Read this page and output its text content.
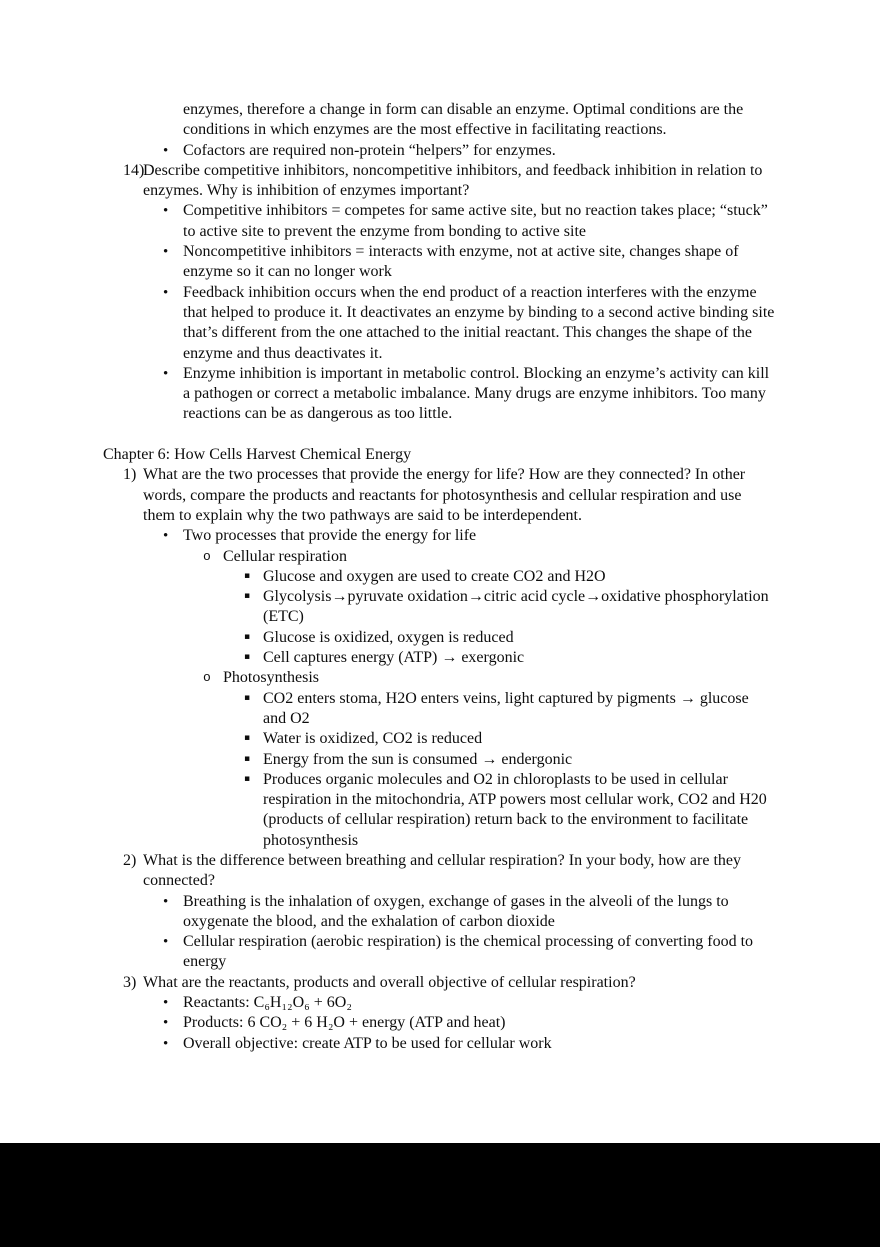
enzymes, therefore a change in form can disable an enzyme. Optimal conditions are the conditions in which enzymes are the most effective in facilitating reactions.
• Cofactors are required non-protein “helpers” for enzymes.
14)
Describe competitive inhibitors, noncompetitive inhibitors, and feedback inhibition in relation to enzymes. Why is inhibition of enzymes important?
• Competitive inhibitors = competes for same active site, but no reaction takes place; “stuck” to active site to prevent the enzyme from bonding to active site
• Noncompetitive inhibitors = interacts with enzyme, not at active site, changes shape of enzyme so it can no longer work
• Feedback inhibition occurs when the end product of a reaction interferes with the enzyme that helped to produce it. It deactivates an enzyme by binding to a second active binding site that’s different from the one attached to the initial reactant. This changes the shape of the enzyme and thus deactivates it.
• Enzyme inhibition is important in metabolic control. Blocking an enzyme’s activity can kill a pathogen or correct a metabolic imbalance. Many drugs are enzyme inhibitors. Too many reactions can be as dangerous as too little.
Chapter 6: How Cells Harvest Chemical Energy
1) What are the two processes that provide the energy for life? How are they connected? In other words, compare the products and reactants for photosynthesis and cellular respiration and use them to explain why the two pathways are said to be interdependent.
• Two processes that provide the energy for life
o Cellular respiration
▪ Glucose and oxygen are used to create CO2 and H2O
▪ Glycolysis→pyruvate oxidation→citric acid cycle→oxidative phosphorylation (ETC)
▪ Glucose is oxidized, oxygen is reduced
▪ Cell captures energy (ATP) → exergonic
o Photosynthesis
▪ CO2 enters stoma, H2O enters veins, light captured by pigments → glucose and O2
▪ Water is oxidized, CO2 is reduced
▪ Energy from the sun is consumed → endergonic
▪ Produces organic molecules and O2 in chloroplasts to be used in cellular respiration in the mitochondria, ATP powers most cellular work, CO2 and H20 (products of cellular respiration) return back to the environment to facilitate photosynthesis
2) What is the difference between breathing and cellular respiration? In your body, how are they connected?
• Breathing is the inhalation of oxygen, exchange of gases in the alveoli of the lungs to oxygenate the blood, and the exhalation of carbon dioxide
• Cellular respiration (aerobic respiration) is the chemical processing of converting food to energy
3) What are the reactants, products and overall objective of cellular respiration?
• Reactants: C₆H₁₂O₆ + 6O₂
• Products: 6 CO₂ + 6 H₂O + energy (ATP and heat)
• Overall objective: create ATP to be used for cellular work
